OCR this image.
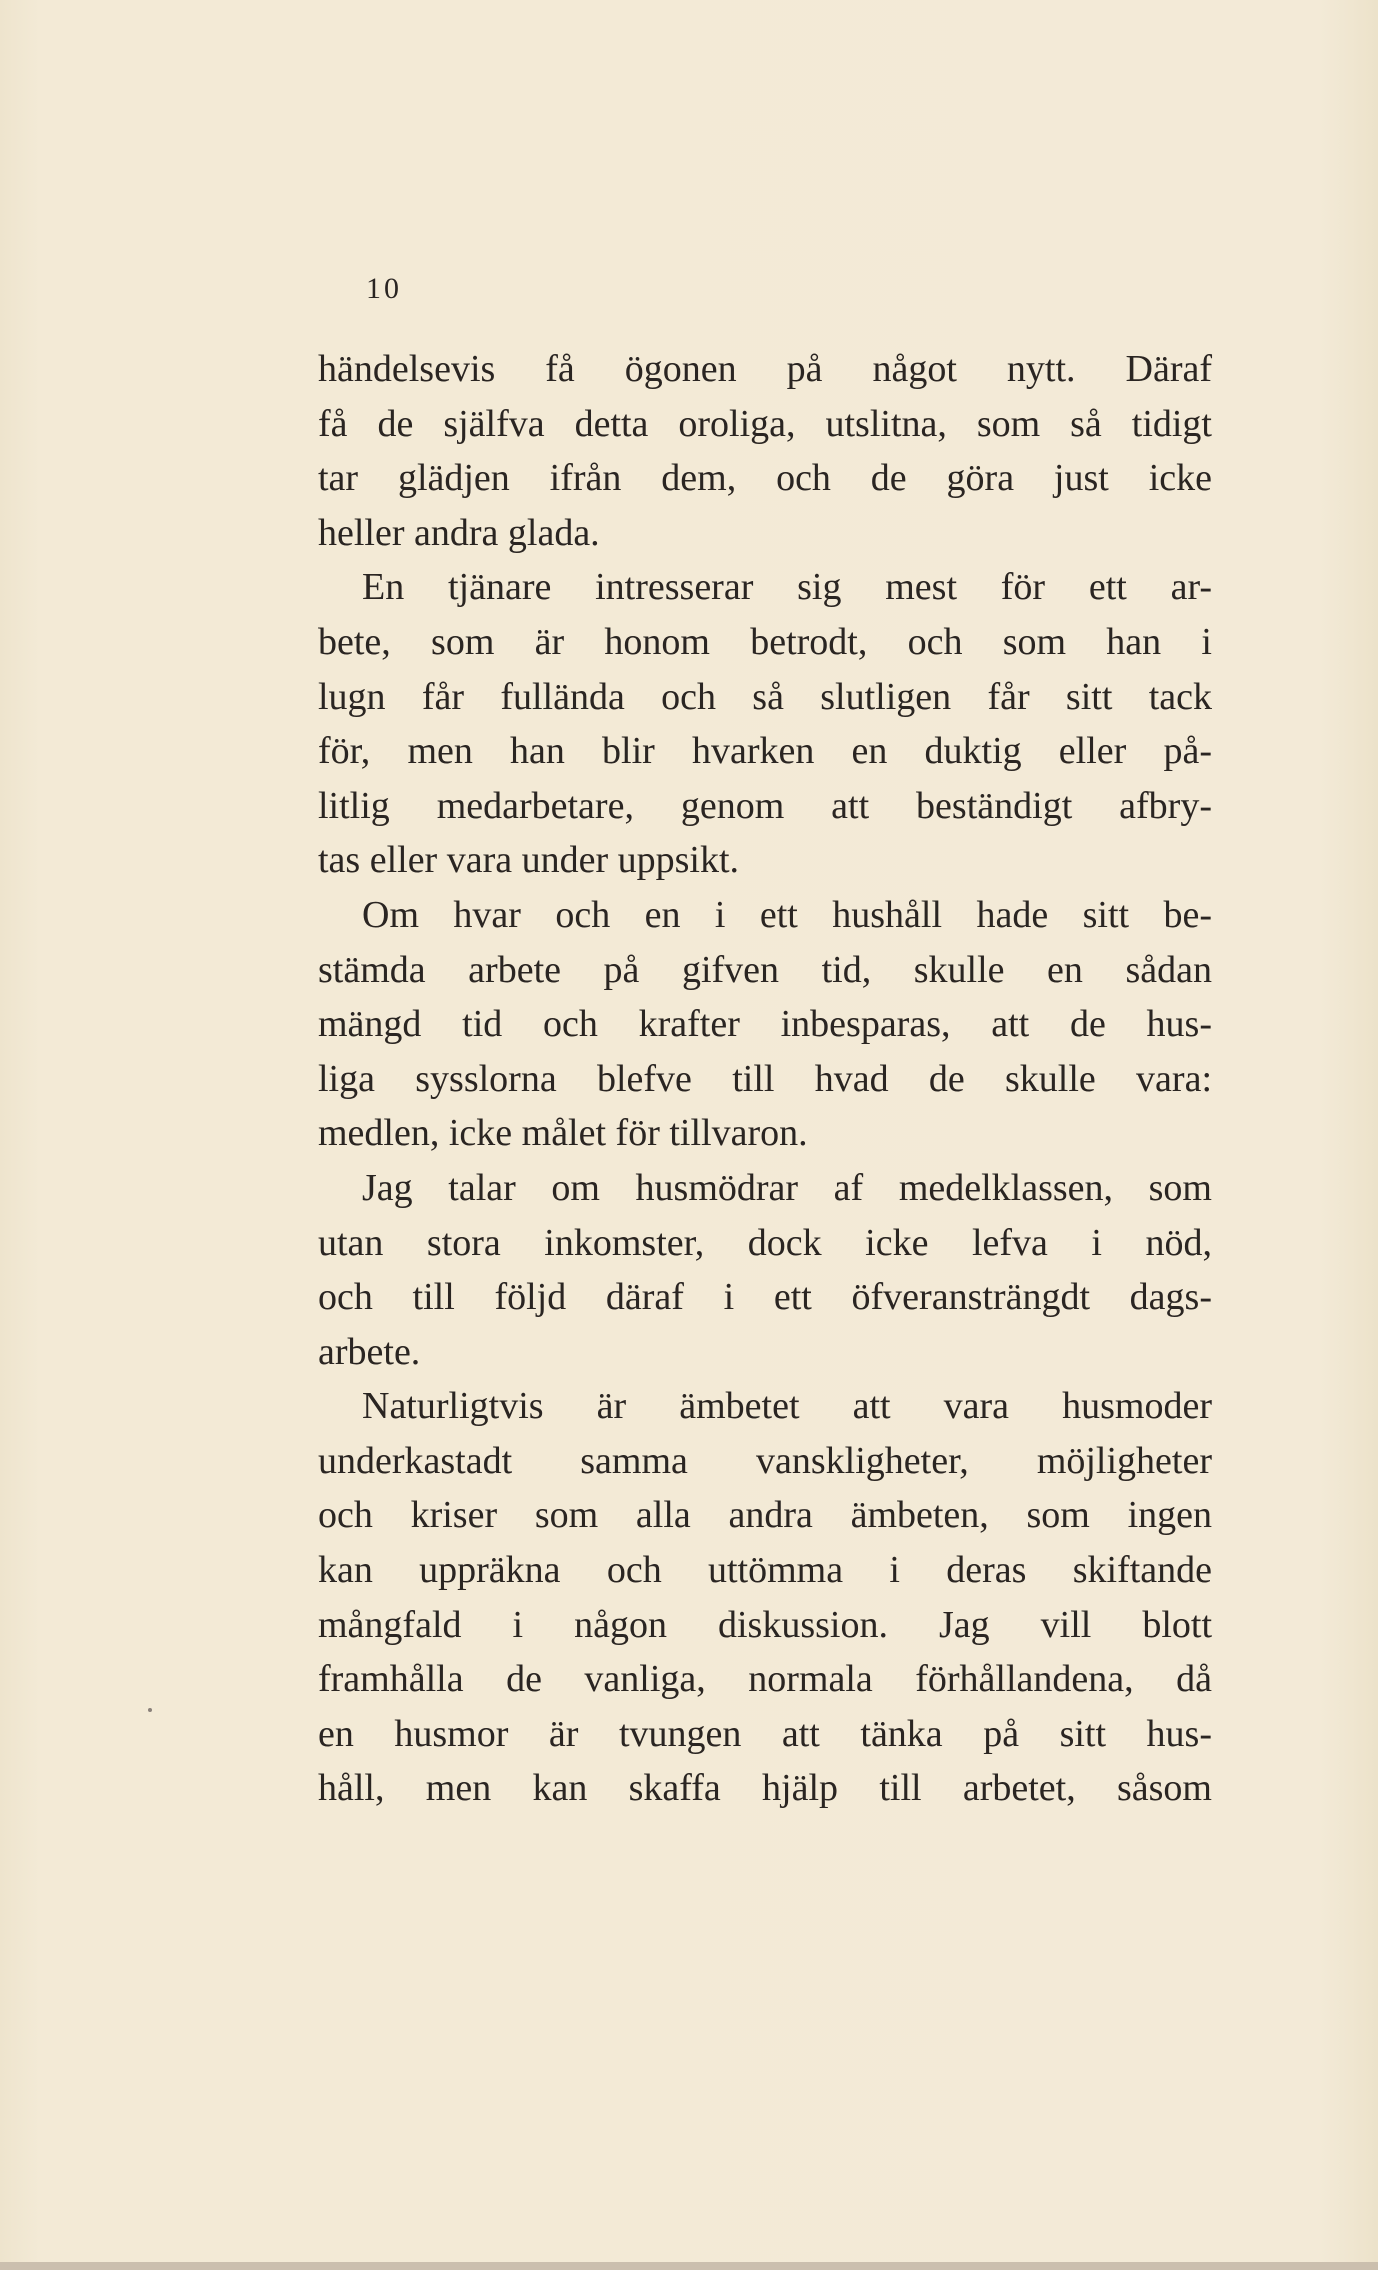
10
händelsevis få ögonen på något nytt. Däraf
få de själfva detta oroliga, utslitna, som så tidigt
tar glädjen ifrån dem, och de göra just icke
heller andra glada.
En tjänare intresserar sig mest för ett ar-
bete, som är honom betrodt, och som han i
lugn får fullända och så slutligen får sitt tack
för, men han blir hvarken en duktig eller på-
litlig medarbetare, genom att beständigt afbry-
tas eller vara under uppsikt.
Om hvar och en i ett hushåll hade sitt be-
stämda arbete på gifven tid, skulle en sådan
mängd tid och krafter inbesparas, att de hus-
liga sysslorna blefve till hvad de skulle vara:
medlen, icke målet för tillvaron.
Jag talar om husmödrar af medelklassen, som
utan stora inkomster, dock icke lefva i nöd,
och till följd däraf i ett öfveransträngdt dags-
arbete.
Naturligtvis är ämbetet att vara husmoder
underkastadt samma vanskligheter, möjligheter
och kriser som alla andra ämbeten, som ingen
kan uppräkna och uttömma i deras skiftande
mångfald i någon diskussion. Jag vill blott
framhålla de vanliga, normala förhållandena, då
en husmor är tvungen att tänka på sitt hus-
håll, men kan skaffa hjälp till arbetet, såsom
